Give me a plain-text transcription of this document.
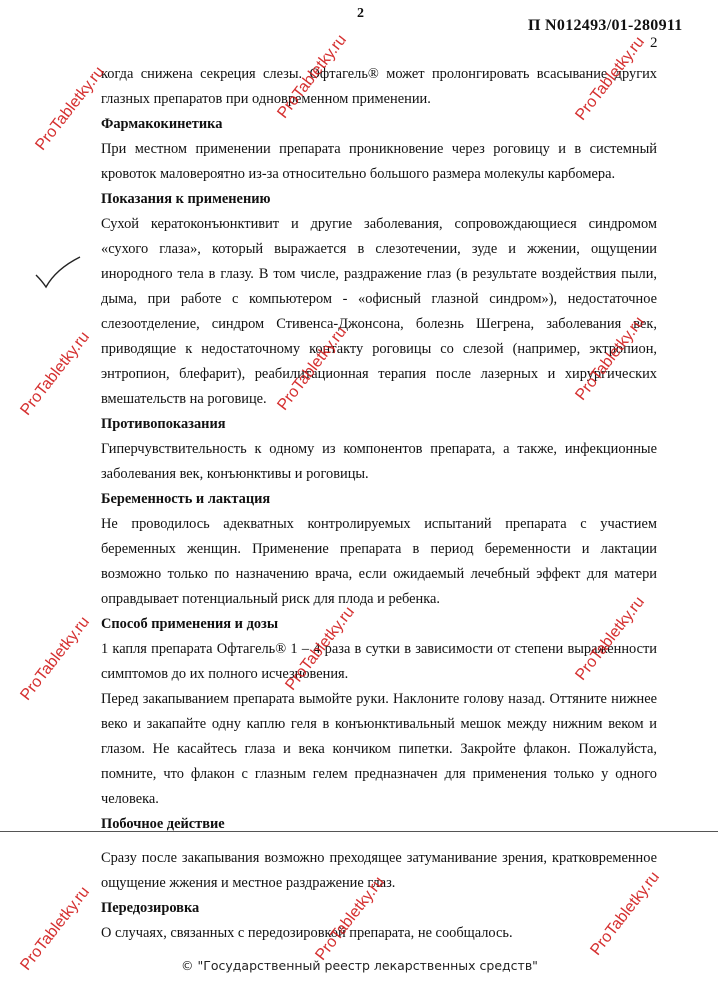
2
П N012493/01-280911
2

когда снижена секреция слезы. Офтагель® может пролонгировать всасывание других глазных препаратов при одновременном применении.

Фармакокинетика

При местном применении препарата проникновение через роговицу и в системный кровоток маловероятно из-за относительно большого размера молекулы карбомера.

Показания к применению

Сухой кератоконъюнктивит и другие заболевания, сопровождающиеся синдромом «сухого глаза», который выражается в слезотечении, зуде и жжении, ощущении инородного тела в глазу. В том числе, раздражение глаз (в результате воздействия пыли, дыма, при работе с компьютером - «офисный глазной синдром»), недостаточное слезоотделение, синдром Стивенса-Джонсона, болезнь Шегрена, заболевания век, приводящие к недостаточному контакту роговицы со слезой (например, эктропион, энтропион, блефарит), реабилитационная терапия после лазерных и хирургических вмешательств на роговице.

Противопоказания

Гиперчувствительность к одному из компонентов препарата, а также, инфекционные заболевания век, конъюнктивы и роговицы.

Беременность и лактация

Не проводилось адекватных контролируемых испытаний препарата с участием беременных женщин. Применение препарата в период беременности и лактации возможно только по назначению врача, если ожидаемый лечебный эффект для матери оправдывает потенциальный риск для плода и ребенка.

Способ применения и дозы

1 капля препарата Офтагель® 1 – 4 раза в сутки в зависимости от степени выраженности симптомов до их полного исчезновения.

Перед закапыванием препарата вымойте руки. Наклоните голову назад. Оттяните нижнее веко и закапайте одну каплю геля в конъюнктивальный мешок между нижним веком и глазом. Не касайтесь глаза и века кончиком пипетки. Закройте флакон. Пожалуйста, помните, что флакон с глазным гелем предназначен для применения только у одного человека.

Побочное действие

Сразу после закапывания возможно преходящее затуманивание зрения, кратковременное ощущение жжения и местное раздражение глаз.

Передозировка

О случаях, связанных с передозировкой препарата, не сообщалось.

ProTabletky.ru	ProTabletky.ru	ProTabletky.ru
ProTabletky.ru	ProTabletky.ru	ProTabletky.ru
ProTabletky.ru	ProTabletky.ru	ProTabletky.ru
ProTabletky.ru	ProTabletky.ru	ProTabletky.ru
© "Государственный реестр лекарственных средств"
